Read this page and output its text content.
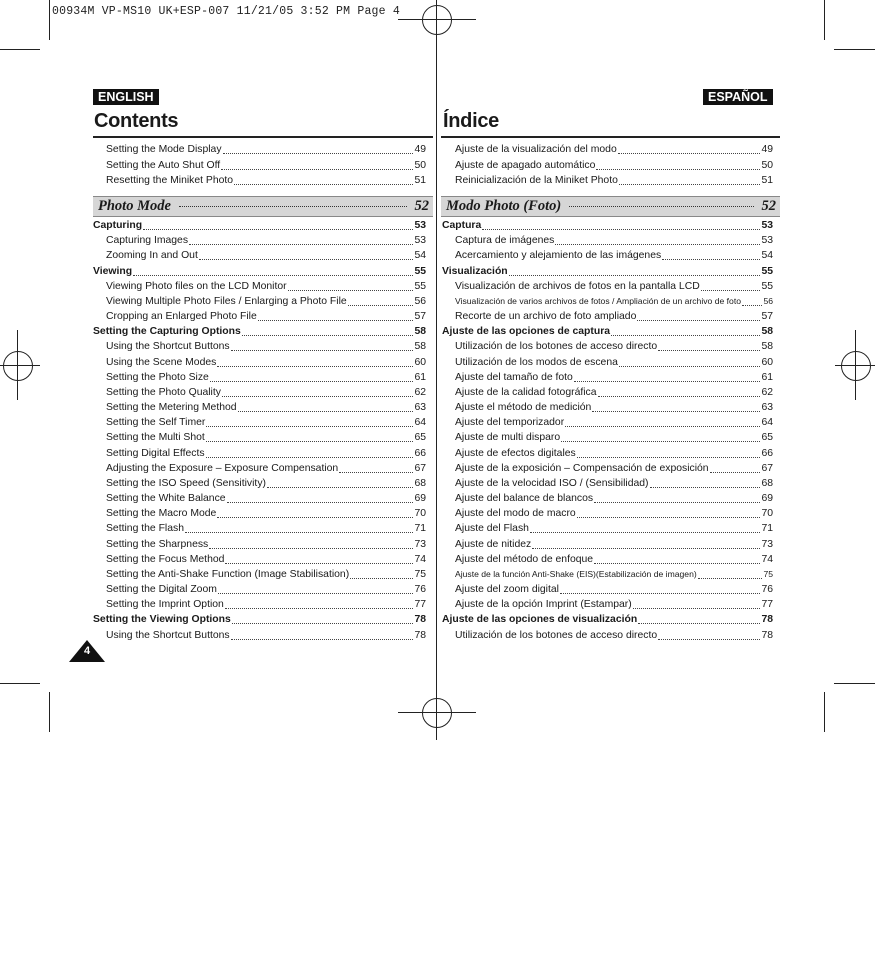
00934M VP-MS10 UK+ESP-007 11/21/05 3:52 PM Page 4
ENGLISH
Contents
ESPAÑOL
Índice
Setting the Mode Display	49
Setting the Auto Shut Off	50
Resetting the Miniket Photo	51
Photo Mode	52
Capturing	53
Capturing Images	53
Zooming In and Out	54
Viewing	55
Viewing Photo files on the LCD Monitor	55
Viewing Multiple Photo Files / Enlarging a Photo File	56
Cropping an Enlarged Photo File	57
Setting the Capturing Options	58
Using the Shortcut Buttons	58
Using the Scene Modes	60
Setting the Photo Size	61
Setting the Photo Quality	62
Setting the Metering Method	63
Setting the Self Timer	64
Setting the Multi Shot	65
Setting Digital Effects	66
Adjusting the Exposure – Exposure Compensation	67
Setting the ISO Speed (Sensitivity)	68
Setting the White Balance	69
Setting the Macro Mode	70
Setting the Flash	71
Setting the Sharpness	73
Setting the Focus Method	74
Setting the Anti-Shake Function (Image Stabilisation)	75
Setting the Digital Zoom	76
Setting the Imprint Option	77
Setting the Viewing Options	78
Using the Shortcut Buttons	78
Ajuste de la visualización del modo	49
Ajuste de apagado automático	50
Reinicialización de la Miniket Photo	51
Modo Photo (Foto)	52
Captura	53
Captura de imágenes	53
Acercamiento y alejamiento de las imágenes	54
Visualización	55
Visualización de archivos de fotos en la pantalla LCD	55
Visualización de varios archivos de fotos / Ampliación de un archivo de foto	56
Recorte de un archivo de foto ampliado	57
Ajuste de las opciones de captura	58
Utilización de los botones de acceso directo	58
Utilización de los modos de escena	60
Ajuste del tamaño de foto	61
Ajuste de la calidad fotográfica	62
Ajuste el método de medición	63
Ajuste del temporizador	64
Ajuste de multi disparo	65
Ajuste de efectos digitales	66
Ajuste de la exposición – Compensación de exposición	67
Ajuste de la velocidad ISO / (Sensibilidad)	68
Ajuste del balance de blancos	69
Ajuste del modo de macro	70
Ajuste del Flash	71
Ajuste de nitidez	73
Ajuste del método de enfoque	74
Ajuste de la función Anti-Shake (EIS)(Estabilización de imagen)	75
Ajuste del zoom digital	76
Ajuste de la opción Imprint (Estampar)	77
Ajuste de las opciones de visualización	78
Utilización de los botones de acceso directo	78
4
